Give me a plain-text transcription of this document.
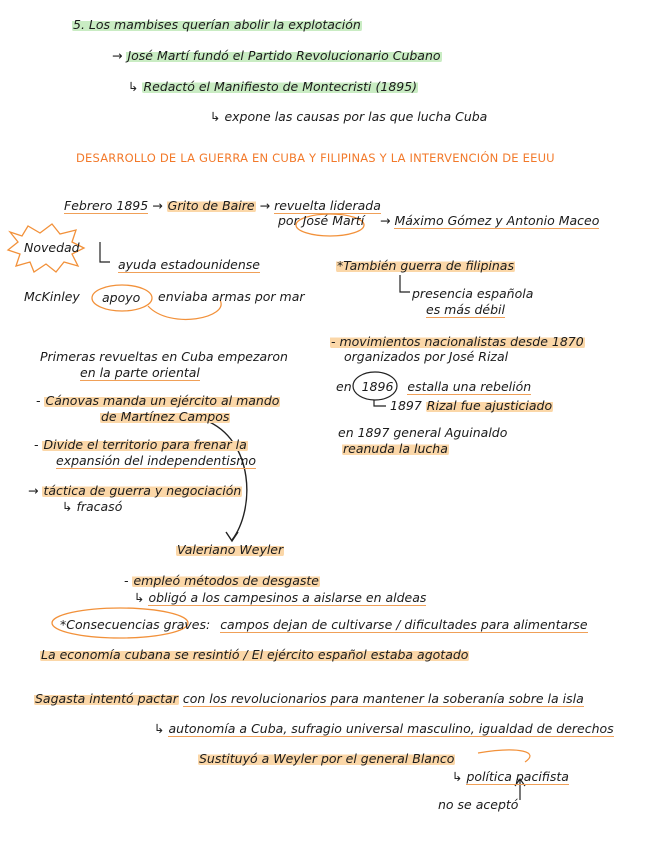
5. Los mambises querían abolir la explotación
→ José Martí fundó el Partido Revolucionario Cubano
↳ Redactó el Manifiesto de Montecristi (1895)
↳ expone las causas por las que lucha Cuba
DESARROLLO DE LA GUERRA EN CUBA Y FILIPINAS Y LA INTERVENCIÓN DE EEUU
Febrero 1895 → Grito de Baire → revuelta liderada
por José Martí → Máximo Gómez y Antonio Maceo
Novedad
ayuda estadounidense
McKinley apoyo enviaba armas por mar
*También guerra de filipinas
presencia española
es más débil
- movimientos nacionalistas desde 1870
organizados por José Rizal
en 1896 estalla una rebelión
1897 Rizal fue ajusticiado
en 1897 general Aguinaldo
reanuda la lucha
Primeras revueltas en Cuba empezaron
en la parte oriental
- Cánovas manda un ejército al mando
de Martínez Campos
- Divide el territorio para frenar la
expansión del independentismo
→ táctica de guerra y negociación
↳ fracasó
Valeriano Weyler
- empleó métodos de desgaste
↳ obligó a los campesinos a aislarse en aldeas
*Consecuencias graves: campos dejan de cultivarse / dificultades para alimentarse
La economía cubana se resintió / El ejército español estaba agotado
Sagasta intentó pactar con los revolucionarios para mantener la soberanía sobre la isla
↳ autonomía a Cuba, sufragio universal masculino, igualdad de derechos
Sustituyó a Weyler por el general Blanco
↳ política pacifista
no se aceptó
